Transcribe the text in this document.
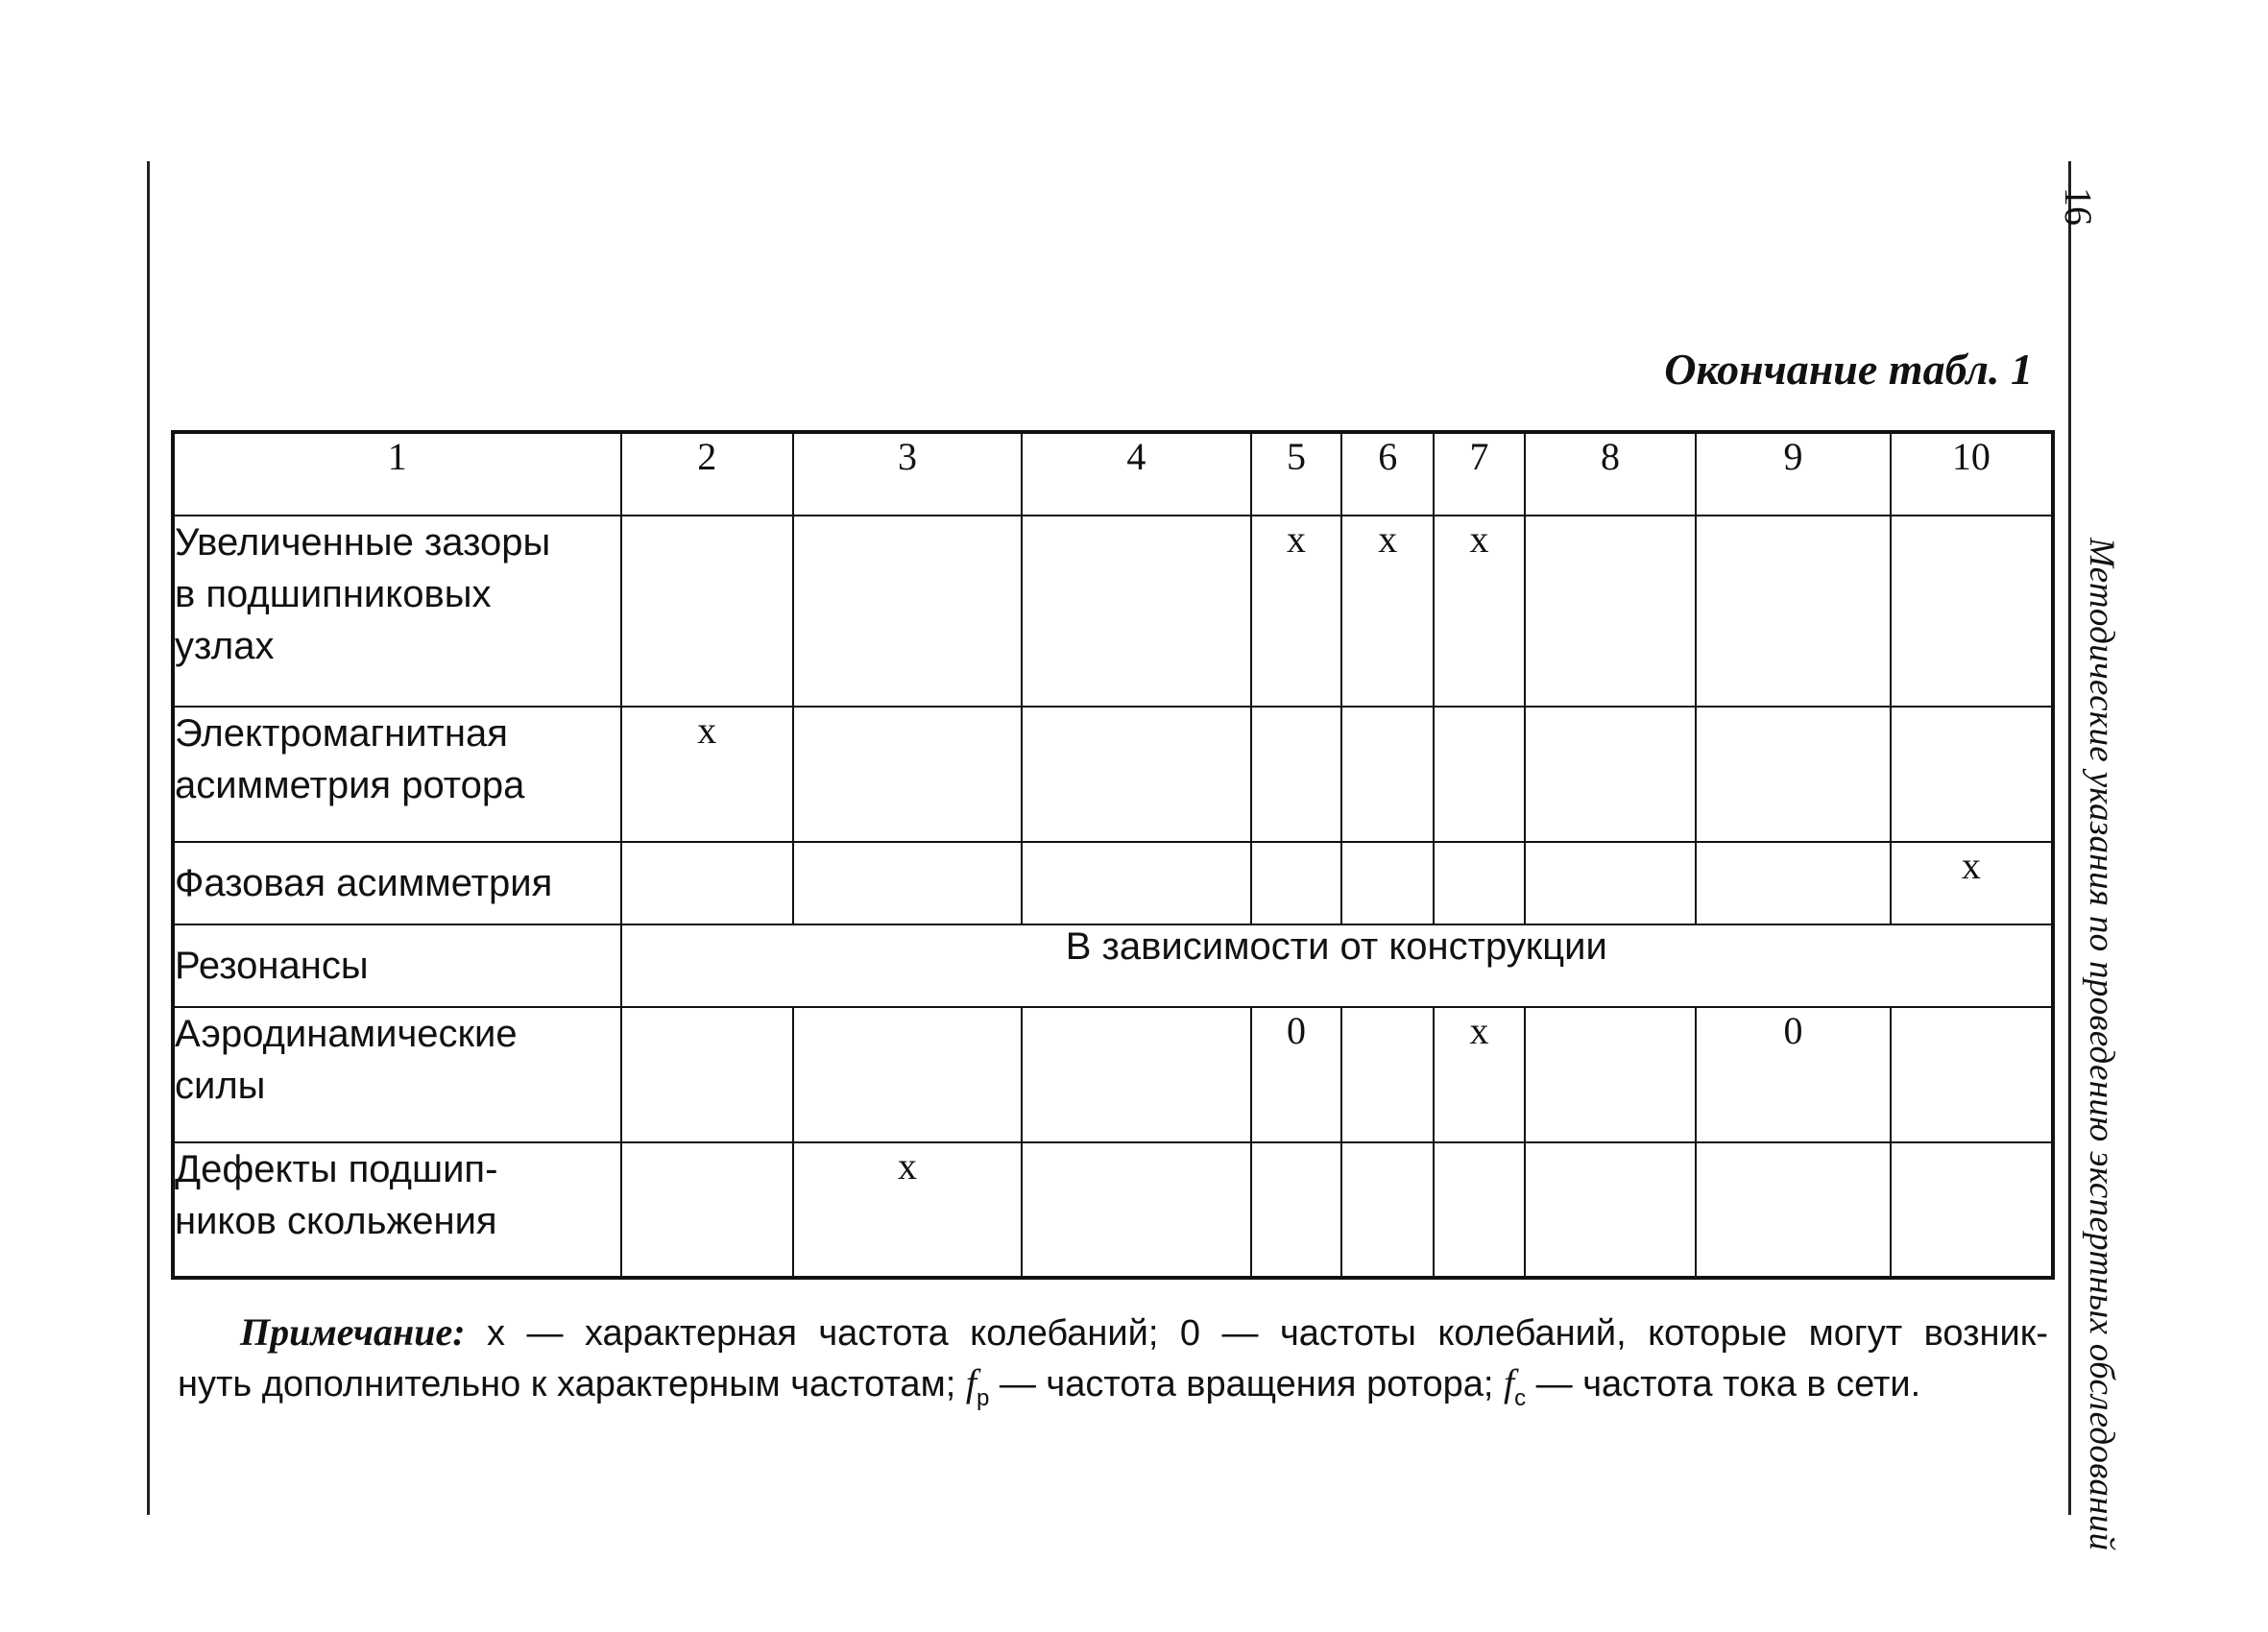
16
Методические указания по проведению экспертных обследований
Окончание табл. 1
1	2	3	4	5	6	7	8	9	10

Увеличенные зазоры
в подшипниковых
узлах				x	x	x			

Электромагнитная
асимметрия ротора	x								

Фазовая асимметрия									x

Резонансы	В зависимости от конструкции								

Аэродинамические
силы				0		x		0	

Дефекты подшип-
ников скольжения		x							
Примечание: x — характерная частота колебаний; 0 — частоты колебаний, которые могут возник-
нуть дополнительно к характерным частотам; $f_р$ — частота вращения ротора; $f_с$ — частота тока в сети.
